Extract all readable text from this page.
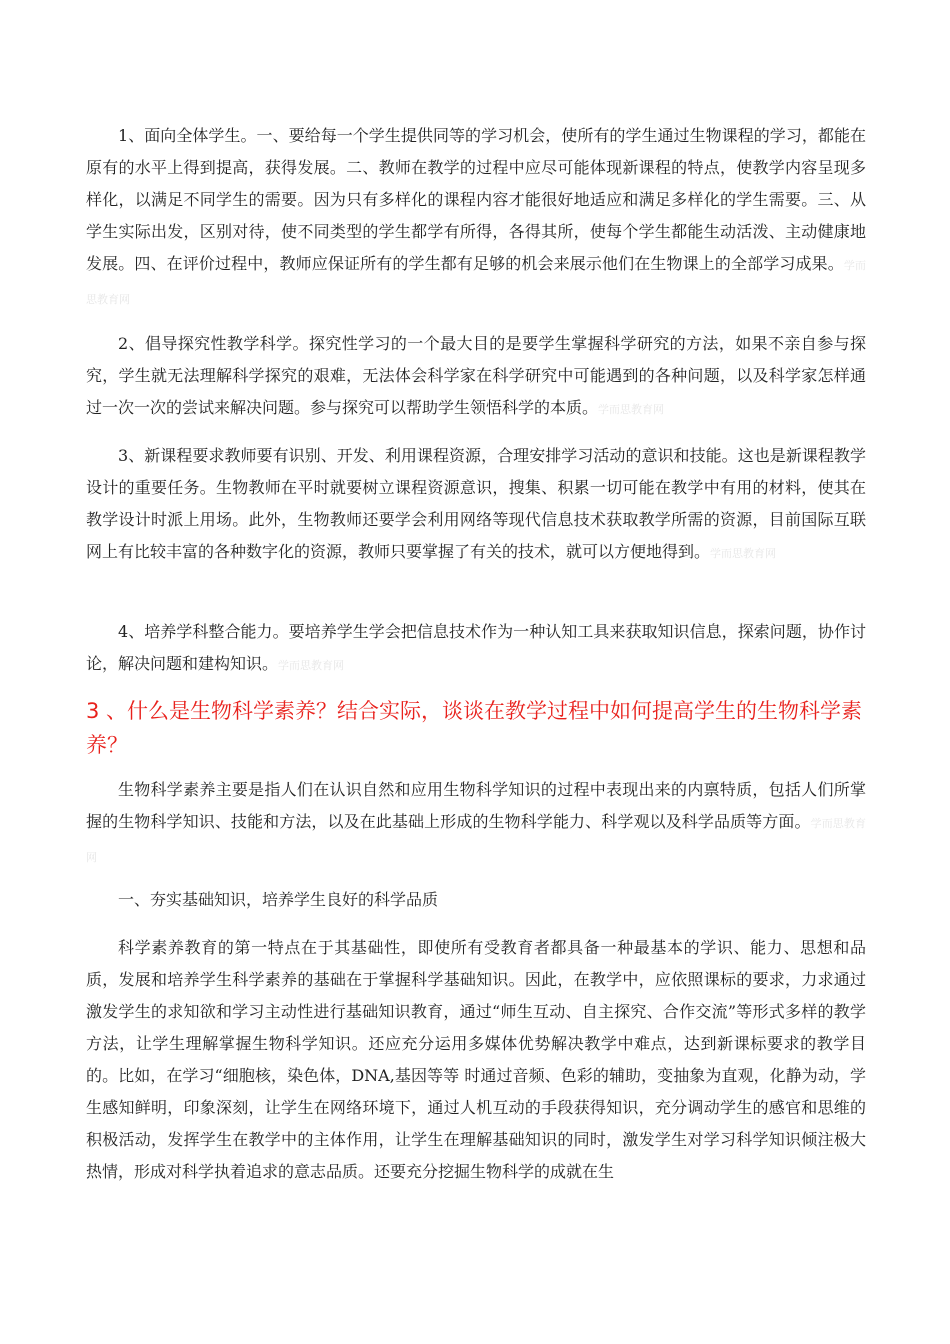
1、面向全体学生。一、要给每一个学生提供同等的学习机会，使所有的学生通过生物课程的学习，都能在原有的水平上得到提高，获得发展。二、教师在教学的过程中应尽可能体现新课程的特点，使教学内容呈现多样化，以满足不同学生的需要。因为只有多样化的课程内容才能很好地适应和满足多样化的学生需要。三、从学生实际出发，区别对待，使不同类型的学生都学有所得，各得其所，使每个学生都能生动活泼、主动健康地发展。四、在评价过程中，教师应保证所有的学生都有足够的机会来展示他们在生物课上的全部学习成果。学而思教育网

2、倡导探究性教学科学。探究性学习的一个最大目的是要学生掌握科学研究的方法，如果不亲自参与探究，学生就无法理解科学探究的艰难，无法体会科学家在科学研究中可能遇到的各种问题，以及科学家怎样通过一次一次的尝试来解决问题。参与探究可以帮助学生领悟科学的本质。学而思教育网

3、新课程要求教师要有识别、开发、利用课程资源，合理安排学习活动的意识和技能。这也是新课程教学设计的重要任务。生物教师在平时就要树立课程资源意识，搜集、积累一切可能在教学中有用的材料，使其在教学设计时派上用场。此外，生物教师还要学会利用网络等现代信息技术获取教学所需的资源，目前国际互联网上有比较丰富的各种数字化的资源，教师只要掌握了有关的技术，就可以方便地得到。学而思教育网

4、培养学科整合能力。要培养学生学会把信息技术作为一种认知工具来获取知识信息，探索问题，协作讨论，解决问题和建构知识。学而思教育网

3 、什么是生物科学素养？结合实际，谈谈在教学过程中如何提高学生的生物科学素养？

生物科学素养主要是指人们在认识自然和应用生物科学知识的过程中表现出来的内禀特质，包括人们所掌握的生物科学知识、技能和方法，以及在此基础上形成的生物科学能力、科学观以及科学品质等方面。学而思教育网

一、夯实基础知识，培养学生良好的科学品质

科学素养教育的第一特点在于其基础性，即使所有受教育者都具备一种最基本的学识、能力、思想和品质，发展和培养学生科学素养的基础在于掌握科学基础知识。因此，在教学中，应依照课标的要求，力求通过激发学生的求知欲和学习主动性进行基础知识教育，通过“师生互动、自主探究、合作交流”等形式多样的教学方法，让学生理解掌握生物科学知识。还应充分运用多媒体优势解决教学中难点，达到新课标要求的教学目的。比如，在学习“细胞核，染色体，DNA,基因等等 时通过音频、色彩的辅助，变抽象为直观，化静为动，学生感知鲜明，印象深刻，让学生在网络环境下，通过人机互动的手段获得知识，充分调动学生的感官和思维的积极活动，发挥学生在教学中的主体作用，让学生在理解基础知识的同时，激发学生对学习科学知识倾注极大热情，形成对科学执着追求的意志品质。还要充分挖掘生物科学的成就在生
